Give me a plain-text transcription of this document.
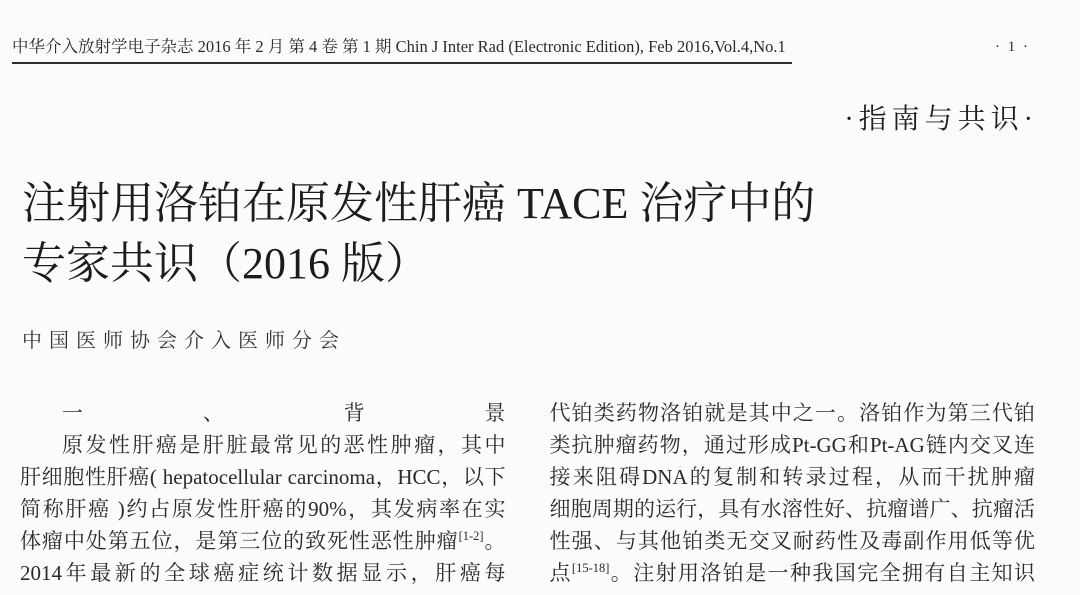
中华介入放射学电子杂志 2016 年 2 月 第 4 卷 第 1 期 Chin J Inter Rad (Electronic Edition), Feb 2016,Vol.4,No.1	· 1 ·
·指南与共识·
注射用洛铂在原发性肝癌 TACE 治疗中的
专家共识（2016 版）
中国医师协会介入医师分会
一、背景
原发性肝癌是肝脏最常见的恶性肿瘤，其中
肝细胞性肝癌( hepatocellular carcinoma，HCC，以下
简称肝癌 )约占原发性肝癌的90%，其发病率在实
体瘤中处第五位，是第三位的致死性恶性肿瘤[1-2]。
2014年最新的全球癌症统计数据显示，肝癌每
代铂类药物洛铂就是其中之一。洛铂作为第三代铂
类抗肿瘤药物，通过形成Pt-GG和Pt-AG链内交叉连
接来阻碍DNA的复制和转录过程，从而干扰肿瘤
细胞周期的运行，具有水溶性好、抗瘤谱广、抗瘤活
性强、与其他铂类无交叉耐药性及毒副作用低等优
点[15-18]。注射用洛铂是一种我国完全拥有自主知识
